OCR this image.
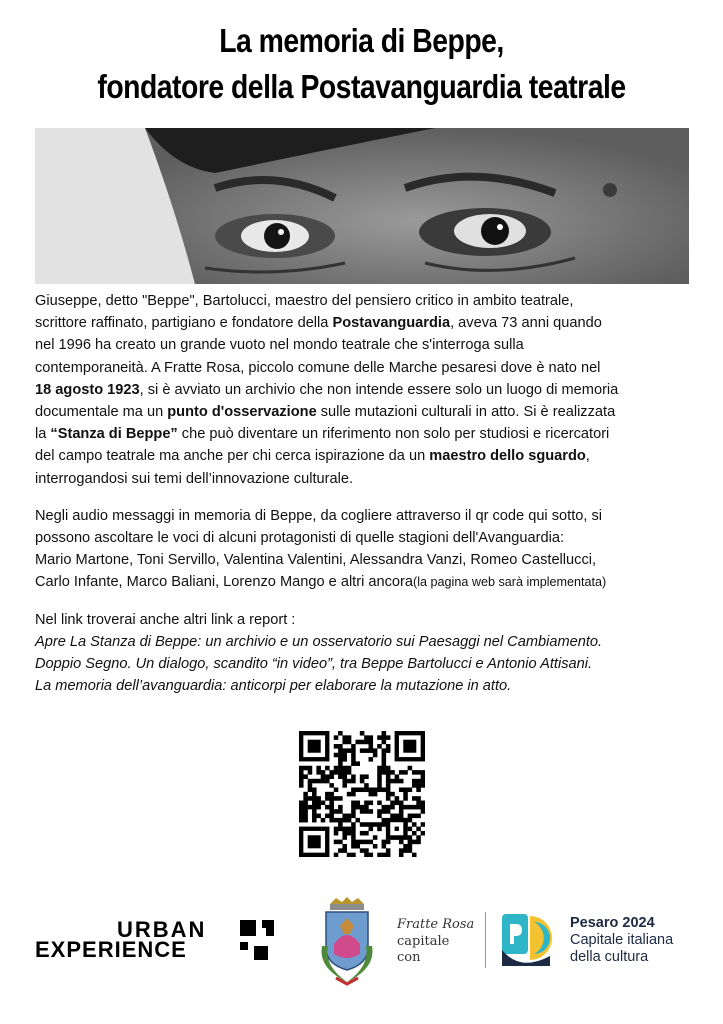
La memoria di Beppe,
fondatore della Postavanguardia teatrale

Giuseppe, detto "Beppe", Bartolucci, maestro del pensiero critico in ambito teatrale,
scrittore raffinato, partigiano e fondatore della Postavanguardia, aveva 73 anni quando
nel 1996 ha creato un grande vuoto nel mondo teatrale che s'interroga sulla
contemporaneità. A Fratte Rosa, piccolo comune delle Marche pesaresi dove è nato nel
18 agosto 1923, si è avviato un archivio che non intende essere solo un luogo di memoria
documentale ma un punto d'osservazione sulle mutazioni culturali in atto. Si è realizzata
la “Stanza di Beppe” che può diventare un riferimento non solo per studiosi e ricercatori
del campo teatrale ma anche per chi cerca ispirazione da un maestro dello sguardo,
interrogandosi sui temi dell’innovazione culturale.

Negli audio messaggi in memoria di Beppe, da cogliere attraverso il qr code qui sotto, si
possono ascoltare le voci di alcuni protagonisti di quelle stagioni dell'Avanguardia:
Mario Martone, Toni Servillo, Valentina Valentini, Alessandra Vanzi, Romeo Castellucci,
Carlo Infante, Marco Baliani, Lorenzo Mango e altri ancora(la pagina web sarà implementata)

Nel link troverai anche altri link a report :
Apre La Stanza di Beppe: un archivio e un osservatorio sui Paesaggi nel Cambiamento.
Doppio Segno. Un dialogo, scandito “in video”, tra Beppe Bartolucci e Antonio Attisani.
La memoria dell’avanguardia: anticorpi per elaborare la mutazione in atto.

URBAN
EXPERIENCE
Fratte Rosa
capitale
con
Pesaro 2024
Capitale italiana
della cultura
